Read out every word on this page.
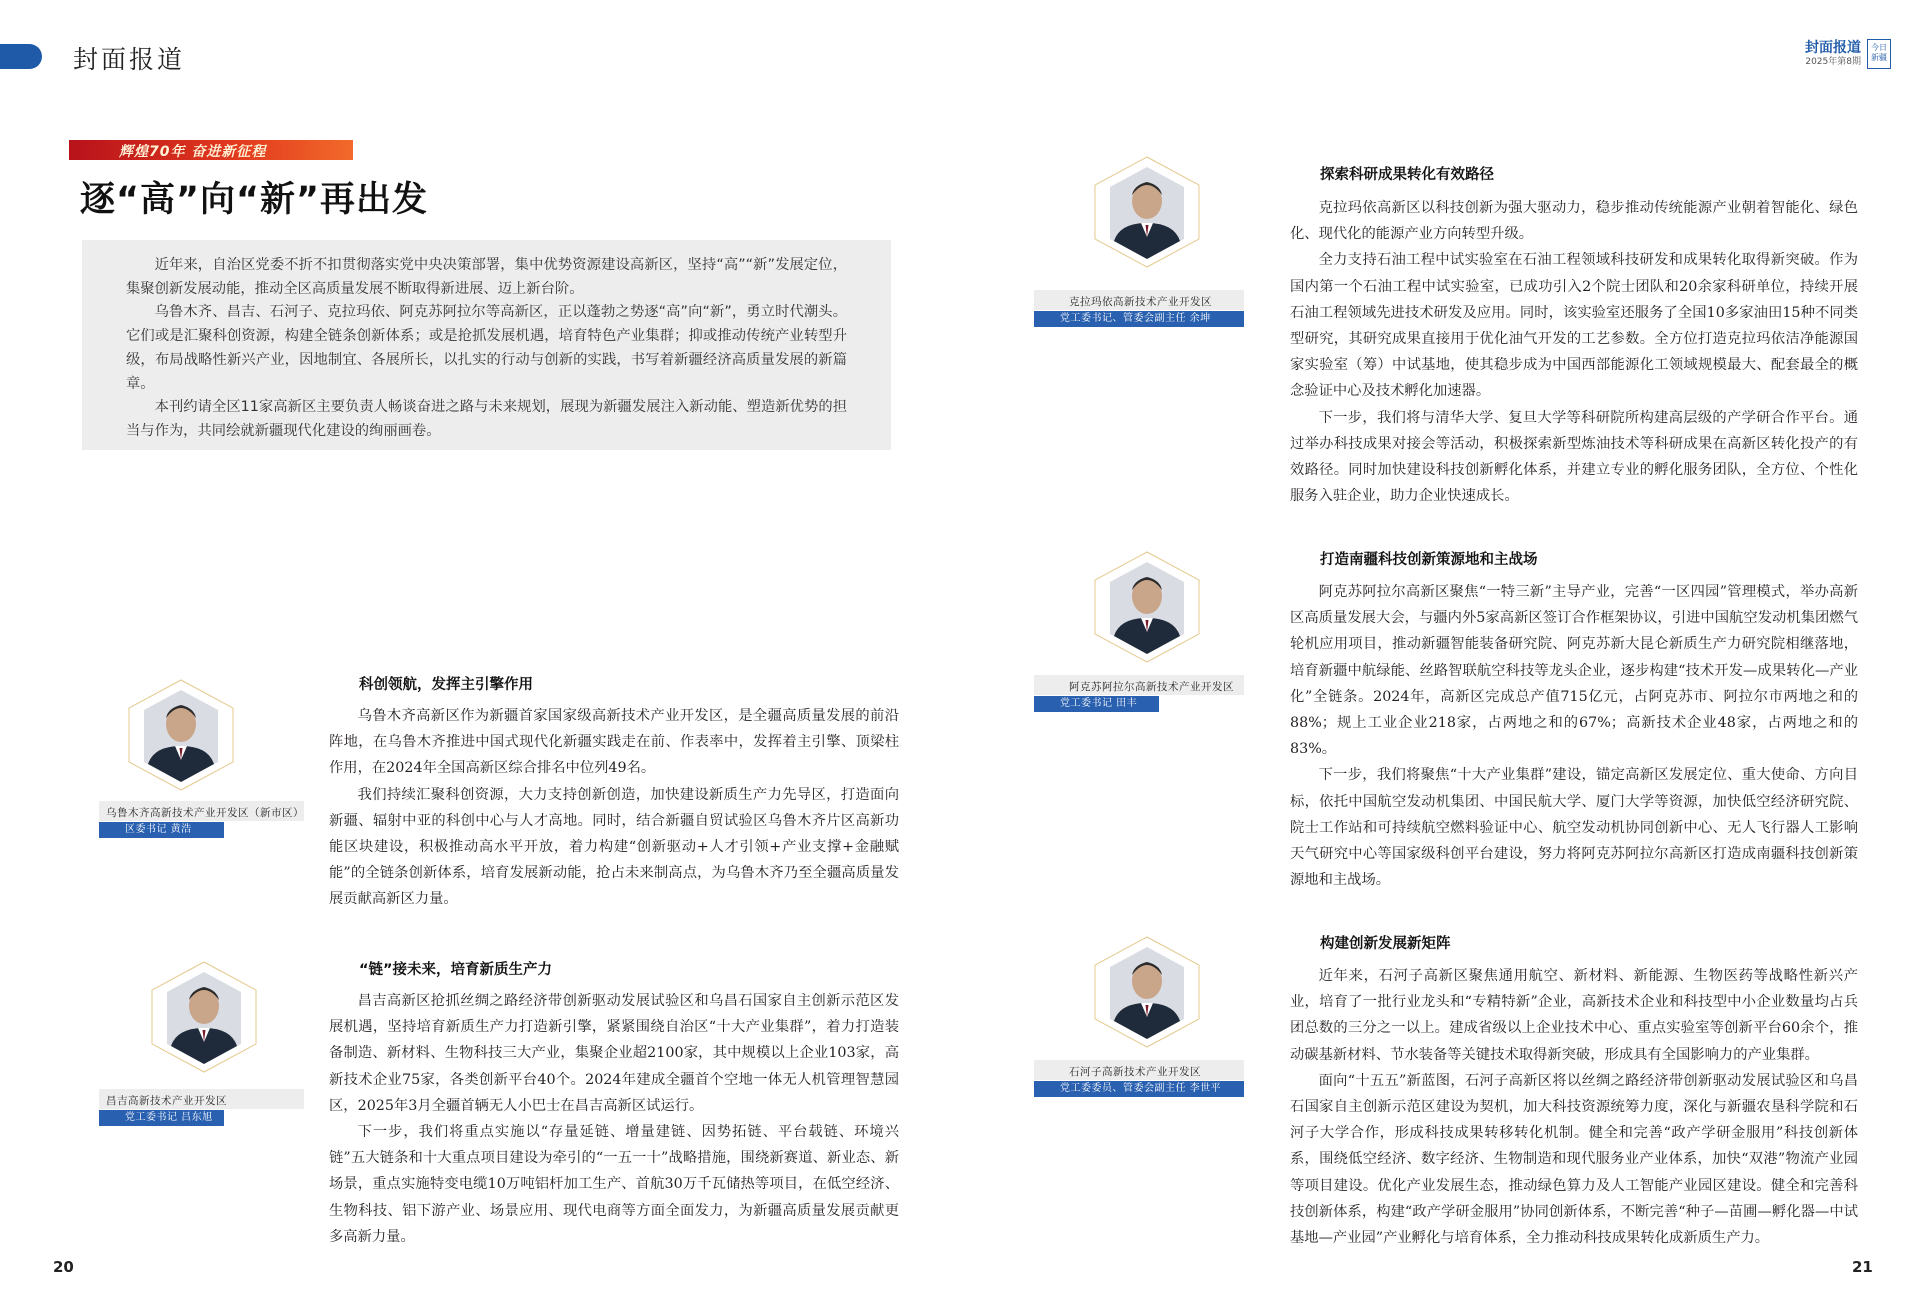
封面报道	封面报道
2025年第8期
今日新疆
辉煌70年 奋进新征程
逐“高”向“新”再出发

近年来，自治区党委不折不扣贯彻落实党中央决策部署，集中优势资源建设高新区，坚持“高”“新”发展定位，集聚创新发展动能，推动全区高质量发展不断取得新进展、迈上新台阶。

乌鲁木齐、昌吉、石河子、克拉玛依、阿克苏阿拉尔等高新区，正以蓬勃之势逐“高”向“新”，勇立时代潮头。它们或是汇聚科创资源，构建全链条创新体系；或是抢抓发展机遇，培育特色产业集群；抑或推动传统产业转型升级，布局战略性新兴产业，因地制宜、各展所长，以扎实的行动与创新的实践，书写着新疆经济高质量发展的新篇章。

本刊约请全区11家高新区主要负责人畅谈奋进之路与未来规划，展现为新疆发展注入新动能、塑造新优势的担当与作为，共同绘就新疆现代化建设的绚丽画卷。

乌鲁木齐高新技术产业开发区（新市区）
区委书记 黄浩
昌吉高新技术产业开发区
党工委书记 吕东旭
克拉玛依高新技术产业开发区
党工委书记、管委会副主任 余坤
阿克苏阿拉尔高新技术产业开发区
党工委书记 田丰
石河子高新技术产业开发区
党工委委员、管委会副主任 李世平
科创领航，发挥主引擎作用

乌鲁木齐高新区作为新疆首家国家级高新技术产业开发区，是全疆高质量发展的前沿阵地，在乌鲁木齐推进中国式现代化新疆实践走在前、作表率中，发挥着主引擎、顶梁柱作用，在2024年全国高新区综合排名中位列49名。

我们持续汇聚科创资源，大力支持创新创造，加快建设新质生产力先导区，打造面向新疆、辐射中亚的科创中心与人才高地。同时，结合新疆自贸试验区乌鲁木齐片区高新功能区块建设，积极推动高水平开放，着力构建“创新驱动+人才引领+产业支撑+金融赋能”的全链条创新体系，培育发展新动能，抢占未来制高点，为乌鲁木齐乃至全疆高质量发展贡献高新区力量。

“链”接未来，培育新质生产力

昌吉高新区抢抓丝绸之路经济带创新驱动发展试验区和乌昌石国家自主创新示范区发展机遇，坚持培育新质生产力打造新引擎，紧紧围绕自治区“十大产业集群”，着力打造装备制造、新材料、生物科技三大产业，集聚企业超2100家，其中规模以上企业103家，高新技术企业75家，各类创新平台40个。2024年建成全疆首个空地一体无人机管理智慧园区，2025年3月全疆首辆无人小巴士在昌吉高新区试运行。

下一步，我们将重点实施以“存量延链、增量建链、因势拓链、平台载链、环境兴链”五大链条和十大重点项目建设为牵引的“一五一十”战略措施，围绕新赛道、新业态、新场景，重点实施特变电缆10万吨铝杆加工生产、首航30万千瓦储热等项目，在低空经济、生物科技、铝下游产业、场景应用、现代电商等方面全面发力，为新疆高质量发展贡献更多高新力量。

探索科研成果转化有效路径

克拉玛依高新区以科技创新为强大驱动力，稳步推动传统能源产业朝着智能化、绿色化、现代化的能源产业方向转型升级。

全力支持石油工程中试实验室在石油工程领域科技研发和成果转化取得新突破。作为国内第一个石油工程中试实验室，已成功引入2个院士团队和20余家科研单位，持续开展石油工程领域先进技术研发及应用。同时，该实验室还服务了全国10多家油田15种不同类型研究，其研究成果直接用于优化油气开发的工艺参数。全方位打造克拉玛依洁净能源国家实验室（筹）中试基地，使其稳步成为中国西部能源化工领域规模最大、配套最全的概念验证中心及技术孵化加速器。

下一步，我们将与清华大学、复旦大学等科研院所构建高层级的产学研合作平台。通过举办科技成果对接会等活动，积极探索新型炼油技术等科研成果在高新区转化投产的有效路径。同时加快建设科技创新孵化体系，并建立专业的孵化服务团队，全方位、个性化服务入驻企业，助力企业快速成长。

打造南疆科技创新策源地和主战场

阿克苏阿拉尔高新区聚焦“一特三新”主导产业，完善“一区四园”管理模式，举办高新区高质量发展大会，与疆内外5家高新区签订合作框架协议，引进中国航空发动机集团燃气轮机应用项目，推动新疆智能装备研究院、阿克苏新大昆仑新质生产力研究院相继落地，培育新疆中航绿能、丝路智联航空科技等龙头企业，逐步构建“技术开发—成果转化—产业化”全链条。2024年，高新区完成总产值715亿元，占阿克苏市、阿拉尔市两地之和的88%；规上工业企业218家，占两地之和的67%；高新技术企业48家，占两地之和的83%。

下一步，我们将聚焦“十大产业集群”建设，锚定高新区发展定位、重大使命、方向目标，依托中国航空发动机集团、中国民航大学、厦门大学等资源，加快低空经济研究院、院士工作站和可持续航空燃料验证中心、航空发动机协同创新中心、无人飞行器人工影响天气研究中心等国家级科创平台建设，努力将阿克苏阿拉尔高新区打造成南疆科技创新策源地和主战场。

构建创新发展新矩阵

近年来，石河子高新区聚焦通用航空、新材料、新能源、生物医药等战略性新兴产业，培育了一批行业龙头和“专精特新”企业，高新技术企业和科技型中小企业数量均占兵团总数的三分之一以上。建成省级以上企业技术中心、重点实验室等创新平台60余个，推动碳基新材料、节水装备等关键技术取得新突破，形成具有全国影响力的产业集群。

面向“十五五”新蓝图，石河子高新区将以丝绸之路经济带创新驱动发展试验区和乌昌石国家自主创新示范区建设为契机，加大科技资源统筹力度，深化与新疆农垦科学院和石河子大学合作，形成科技成果转移转化机制。健全和完善“政产学研金服用”科技创新体系，围绕低空经济、数字经济、生物制造和现代服务业产业体系，加快“双港”物流产业园等项目建设。优化产业发展生态，推动绿色算力及人工智能产业园区建设。健全和完善科技创新体系，构建“政产学研金服用”协同创新体系，不断完善“种子—苗圃—孵化器—中试基地—产业园”产业孵化与培育体系，全力推动科技成果转化成新质生产力。

20	21
